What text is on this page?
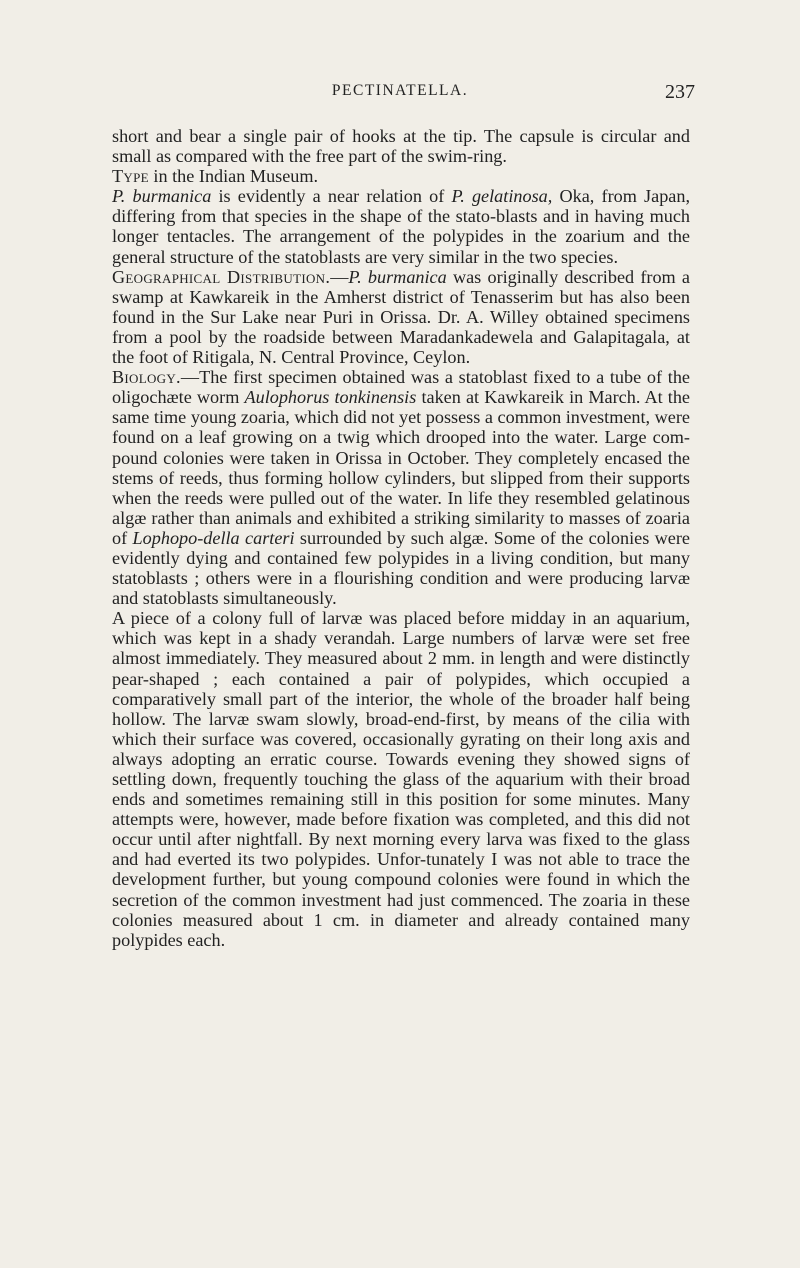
PECTINATELLA.	237

short and bear a single pair of hooks at the tip. The capsule is circular and small as compared with the free part of the swim-ring.

Type in the Indian Museum.

P. burmanica is evidently a near relation of P. gelatinosa, Oka, from Japan, differing from that species in the shape of the stato-blasts and in having much longer tentacles. The arrangement of the polypides in the zoarium and the general structure of the statoblasts are very similar in the two species.

Geographical Distribution.—P. burmanica was originally described from a swamp at Kawkareik in the Amherst district of Tenasserim but has also been found in the Sur Lake near Puri in Orissa. Dr. A. Willey obtained specimens from a pool by the roadside between Maradankadewela and Galapitagala, at the foot of Ritigala, N. Central Province, Ceylon.

Biology.—The first specimen obtained was a statoblast fixed to a tube of the oligochæte worm Aulophorus tonkinensis taken at Kawkareik in March. At the same time young zoaria, which did not yet possess a common investment, were found on a leaf growing on a twig which drooped into the water. Large com-pound colonies were taken in Orissa in October. They completely encased the stems of reeds, thus forming hollow cylinders, but slipped from their supports when the reeds were pulled out of the water. In life they resembled gelatinous algæ rather than animals and exhibited a striking similarity to masses of zoaria of Lophopo-della carteri surrounded by such algæ. Some of the colonies were evidently dying and contained few polypides in a living condition, but many statoblasts ; others were in a flourishing condition and were producing larvæ and statoblasts simultaneously.

A piece of a colony full of larvæ was placed before midday in an aquarium, which was kept in a shady verandah. Large numbers of larvæ were set free almost immediately. They measured about 2 mm. in length and were distinctly pear-shaped ; each contained a pair of polypides, which occupied a comparatively small part of the interior, the whole of the broader half being hollow. The larvæ swam slowly, broad-end-first, by means of the cilia with which their surface was covered, occasionally gyrating on their long axis and always adopting an erratic course. Towards evening they showed signs of settling down, frequently touching the glass of the aquarium with their broad ends and sometimes remaining still in this position for some minutes. Many attempts were, however, made before fixation was completed, and this did not occur until after nightfall. By next morning every larva was fixed to the glass and had everted its two polypides. Unfor-tunately I was not able to trace the development further, but young compound colonies were found in which the secretion of the common investment had just commenced. The zoaria in these colonies measured about 1 cm. in diameter and already contained many polypides each.
